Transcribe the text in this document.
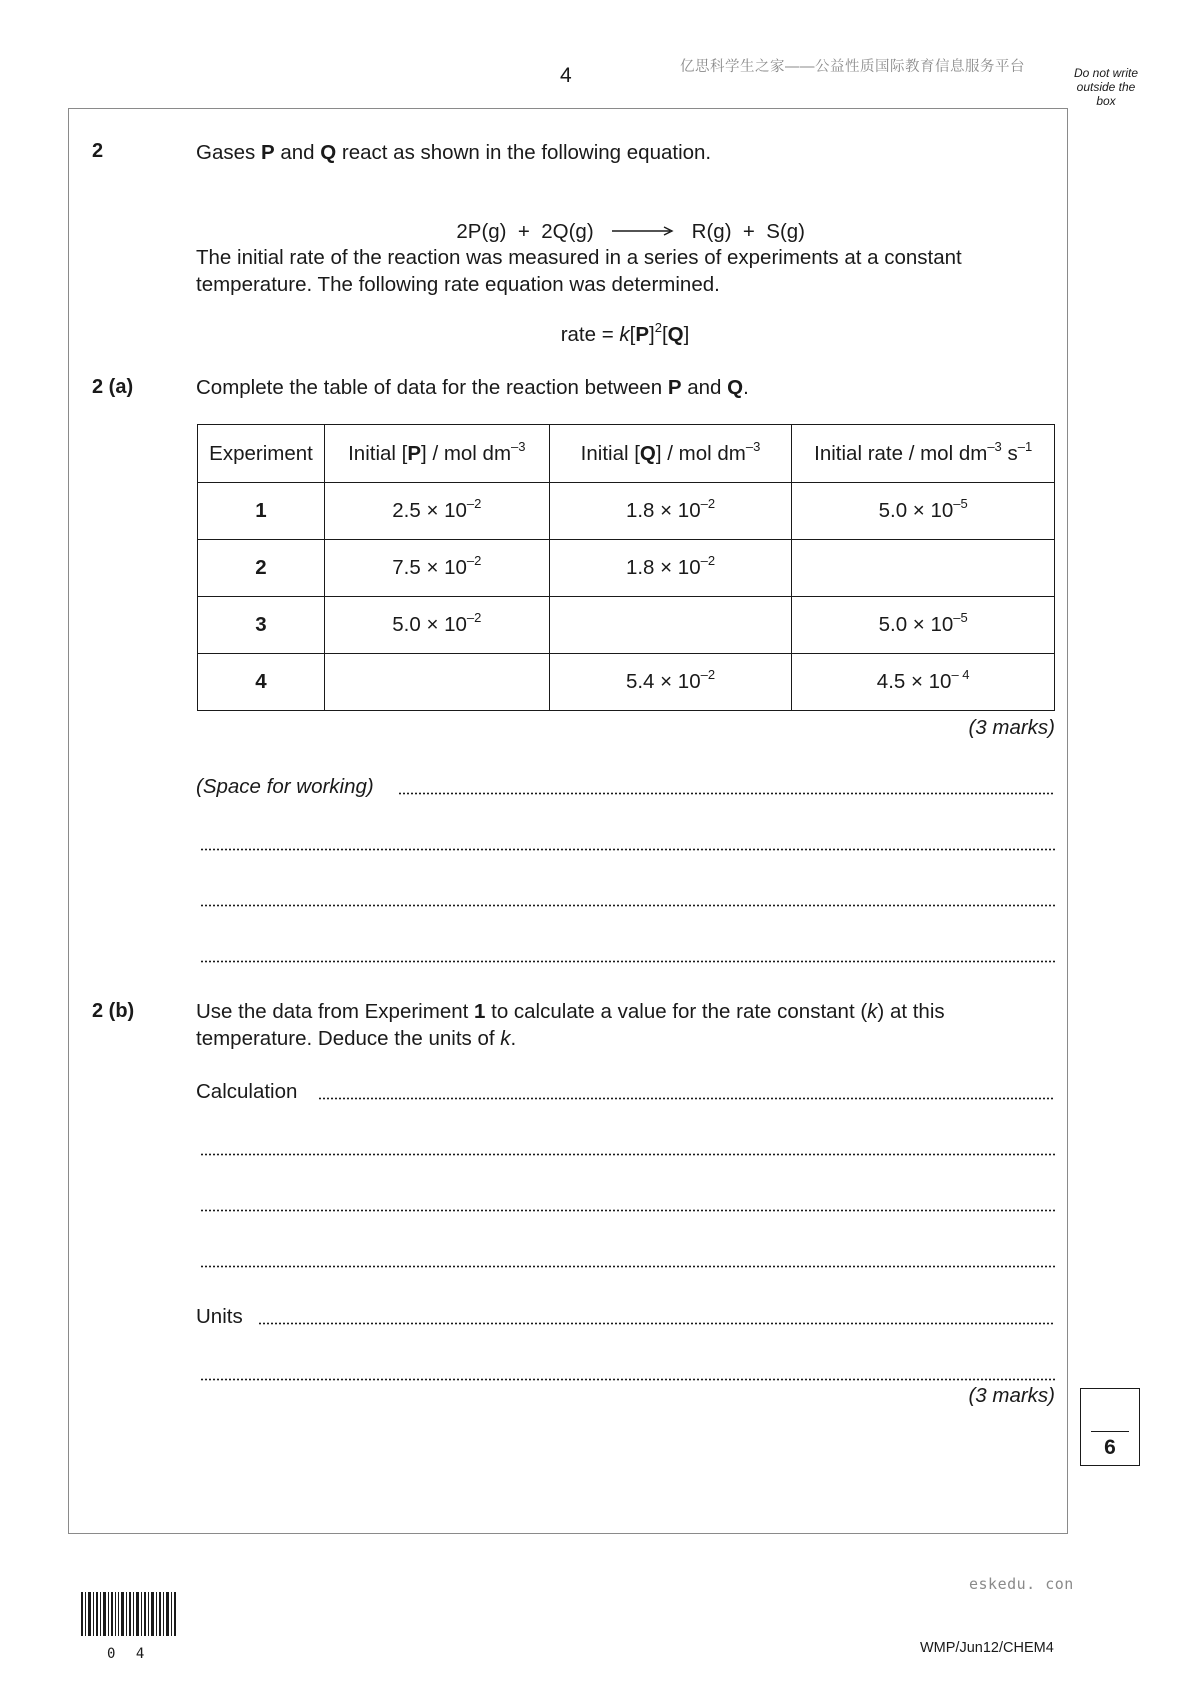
4	亿思科学生之家——公益性质国际教育信息服务平台	Do not write
outside the
box
2	Gases P and Q react as shown in the following equation.

2P(g)  +  2Q(g) → R(g)  +  S(g)

The initial rate of the reaction was measured in a series of experiments at a constant temperature. The following rate equation was determined.
rate = $k[P]^2[Q]$
2 (a)	Complete the table of data for the reaction between P and Q.
Experiment	Initial [P] / mol $dm^{-3}$	Initial [Q] / mol $dm^{-3}$	Initial rate / mol $dm^{-3}$ $s^{-1}$
1	$2.5 \times 10^{-2}$	$1.8 \times 10^{-2}$	$5.0 \times 10^{-5}$
2	$7.5 \times 10^{-2}$	$1.8 \times 10^{-2}$	
3	$5.0 \times 10^{-2}$		$5.0 \times 10^{-5}$
4		$5.4 \times 10^{-2}$	$4.5 \times 10^{- 4}$
(3 marks)
(Space for working)
2 (b)	Use the data from Experiment 1 to calculate a value for the rate constant (k) at this
temperature. Deduce the units of k.
Calculation
Units
(3 marks)
6
eskedu. con
0 4	WMP/Jun12/CHEM4
